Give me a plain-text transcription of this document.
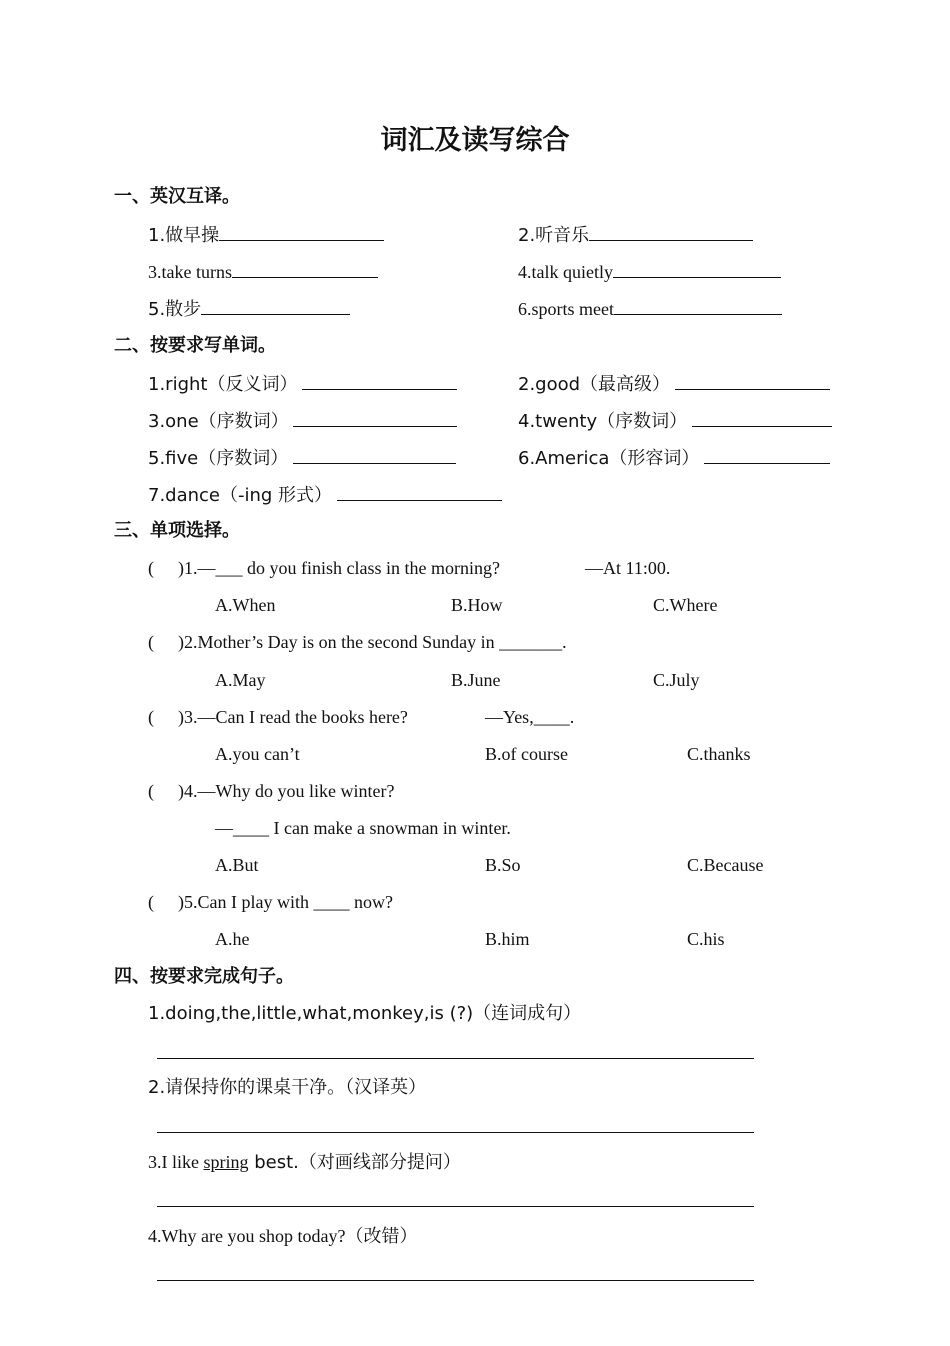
词汇及读写综合
一、英汉互译。
1.做早操	2.听音乐
3.take turns	4.talk quietly
5.散步	6.sports meet
二、按要求写单词。
1.right（反义词）	2.good（最高级）
3.one（序数词）	4.twenty（序数词）
5.five（序数词）	6.America（形容词）
7.dance（-ing 形式）
三、单项选择。
( )1.—___ do you finish class in the morning?	—At 11:00.
A.When	B.How	C.Where
( )2.Mother’s Day is on the second Sunday in _______.
A.May	B.June	C.July
( )3.—Can I read the books here?	—Yes,____.
A.you can’t	B.of course	C.thanks
( )4.—Why do you like winter?
—____ I can make a snowman in winter.
A.But	B.So	C.Because
( )5.Can I play with ____ now?
A.he	B.him	C.his
四、按要求完成句子。
1.doing,the,little,what,monkey,is (?)（连词成句）
2.请保持你的课桌干净。（汉译英）
3.I like spring best.（对画线部分提问）
4.Why are you shop today?（改错）
